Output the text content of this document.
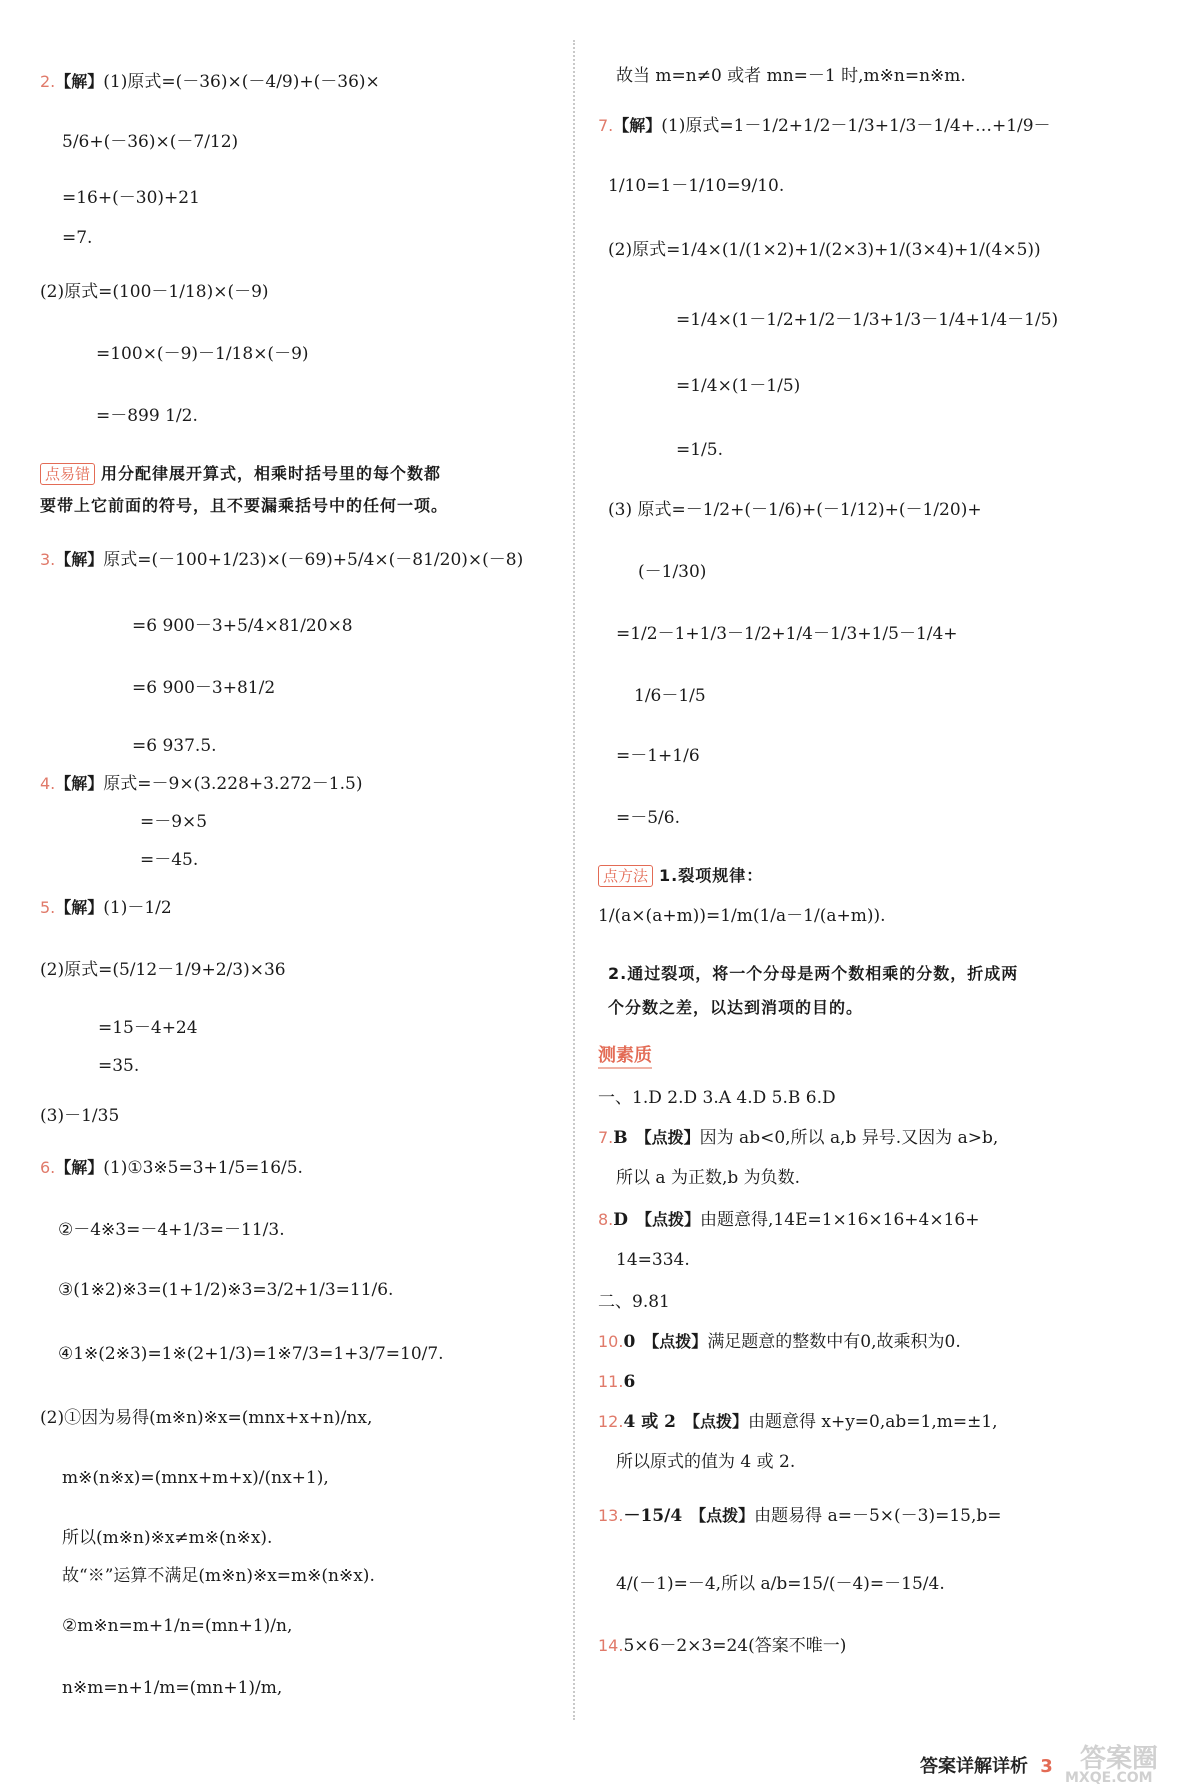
2.【解】(1)原式=(－36)×(－4/9)+(－36)×
5/6+(－36)×(－7/12)
=16+(－30)+21
=7.
(2)原式=(100－1/18)×(－9)
=100×(－9)－1/18×(－9)
=－899 1/2.
点易错 用分配律展开算式，相乘时括号里的每个数都
要带上它前面的符号，且不要漏乘括号中的任何一项。
3.【解】原式=(－100+1/23)×(－69)+5/4×(－81/20)×(－8)
=6 900－3+5/4×81/20×8
=6 900－3+81/2
=6 937.5.
4.【解】原式=－9×(3.228+3.272－1.5)
=－9×5
=－45.
5.【解】(1)－1/2
(2)原式=(5/12－1/9+2/3)×36
=15－4+24
=35.
(3)－1/35
6.【解】(1)①3※5=3+1/5=16/5.
②－4※3=－4+1/3=－11/3.
③(1※2)※3=(1+1/2)※3=3/2+1/3=11/6.
④1※(2※3)=1※(2+1/3)=1※7/3=1+3/7=10/7.
(2)①因为易得(m※n)※x=(mnx+x+n)/nx,
m※(n※x)=(mnx+m+x)/(nx+1),
所以(m※n)※x≠m※(n※x).
故“※”运算不满足(m※n)※x=m※(n※x).
②m※n=m+1/n=(mn+1)/n,
n※m=n+1/m=(mn+1)/m,
故当 m=n≠0 或者 mn=－1 时,m※n=n※m.
7.【解】(1)原式=1－1/2+1/2－1/3+1/3－1/4+…+1/9－
1/10=1－1/10=9/10.
(2)原式=1/4×(1/(1×2)+1/(2×3)+1/(3×4)+1/(4×5))
=1/4×(1－1/2+1/2－1/3+1/3－1/4+1/4－1/5)
=1/4×(1－1/5)
=1/5.
(3) 原式=－1/2+(－1/6)+(－1/12)+(－1/20)+
(－1/30)
=1/2－1+1/3－1/2+1/4－1/3+1/5－1/4+
1/6－1/5
=－1+1/6
=－5/6.
点方法 1.裂项规律：
1/(a×(a+m))=1/m(1/a－1/(a+m)).
2.通过裂项，将一个分母是两个数相乘的分数，折成两
个分数之差，以达到消项的目的。
测素质
一、1.D 2.D 3.A 4.D 5.B 6.D
7.B 【点拨】因为 ab<0,所以 a,b 异号.又因为 a>b,
所以 a 为正数,b 为负数.
8.D 【点拨】由题意得,14E=1×16×16+4×16+
14=334.
二、9.81
10.0 【点拨】满足题意的整数中有0,故乘积为0.
11.6
12.4 或 2 【点拨】由题意得 x+y=0,ab=1,m=±1,
所以原式的值为 4 或 2.
13.－15/4 【点拨】由题易得 a=－5×(－3)=15,b=
4/(－1)=－4,所以 a/b=15/(－4)=－15/4.
14.5×6－2×3=24(答案不唯一)
答案详解详析 3 答案圈
MXQE.COM
